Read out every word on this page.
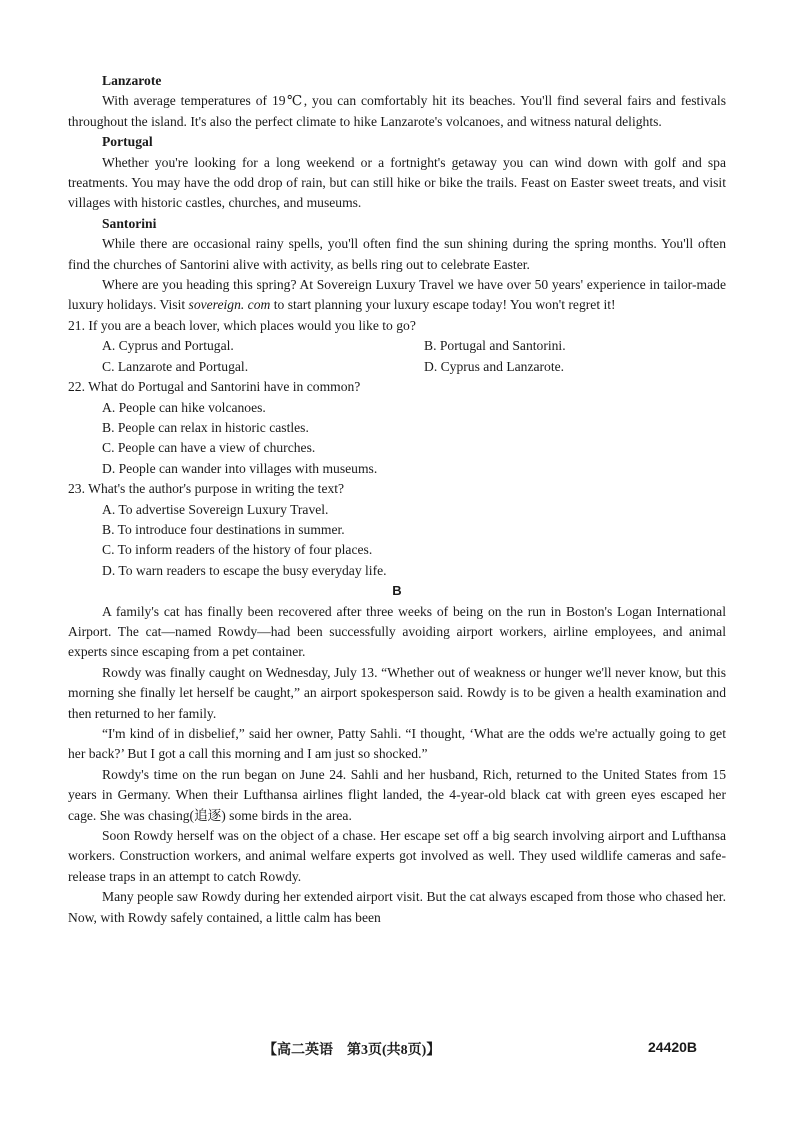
Lanzarote

With average temperatures of 19℃, you can comfortably hit its beaches. You'll find several fairs and festivals throughout the island. It's also the perfect climate to hike Lanzarote's volcanoes, and witness natural delights.

Portugal

Whether you're looking for a long weekend or a fortnight's getaway you can wind down with golf and spa treatments. You may have the odd drop of rain, but can still hike or bike the trails. Feast on Easter sweet treats, and visit villages with historic castles, churches, and museums.

Santorini

While there are occasional rainy spells, you'll often find the sun shining during the spring months. You'll often find the churches of Santorini alive with activity, as bells ring out to celebrate Easter.

Where are you heading this spring? At Sovereign Luxury Travel we have over 50 years' experience in tailor-made luxury holidays. Visit sovereign. com to start planning your luxury escape today! You won't regret it!

21. If you are a beach lover, which places would you like to go?

A. Cyprus and Portugal.	B. Portugal and Santorini.
C. Lanzarote and Portugal.	D. Cyprus and Lanzarote.

22. What do Portugal and Santorini have in common?

A. People can hike volcanoes.

B. People can relax in historic castles.

C. People can have a view of churches.

D. People can wander into villages with museums.

23. What's the author's purpose in writing the text?

A. To advertise Sovereign Luxury Travel.

B. To introduce four destinations in summer.

C. To inform readers of the history of four places.

D. To warn readers to escape the busy everyday life.

B

A family's cat has finally been recovered after three weeks of being on the run in Boston's Logan International Airport. The cat—named Rowdy—had been successfully avoiding airport workers, airline employees, and animal experts since escaping from a pet container.

Rowdy was finally caught on Wednesday, July 13. “Whether out of weakness or hunger we'll never know, but this morning she finally let herself be caught,” an airport spokesperson said. Rowdy is to be given a health examination and then returned to her family.

“I'm kind of in disbelief,” said her owner, Patty Sahli. “I thought, ‘What are the odds we're actually going to get her back?’ But I got a call this morning and I am just so shocked.”

Rowdy's time on the run began on June 24. Sahli and her husband, Rich, returned to the United States from 15 years in Germany. When their Lufthansa airlines flight landed, the 4-year-old black cat with green eyes escaped her cage. She was chasing(追逐) some birds in the area.

Soon Rowdy herself was on the object of a chase. Her escape set off a big search involving airport and Lufthansa workers. Construction workers, and animal welfare experts got involved as well. They used wildlife cameras and safe-release traps in an attempt to catch Rowdy.

Many people saw Rowdy during her extended airport visit. But the cat always escaped from those who chased her. Now, with Rowdy safely contained, a little calm has been

【高二英语　第3页(共8页)】	24420B
